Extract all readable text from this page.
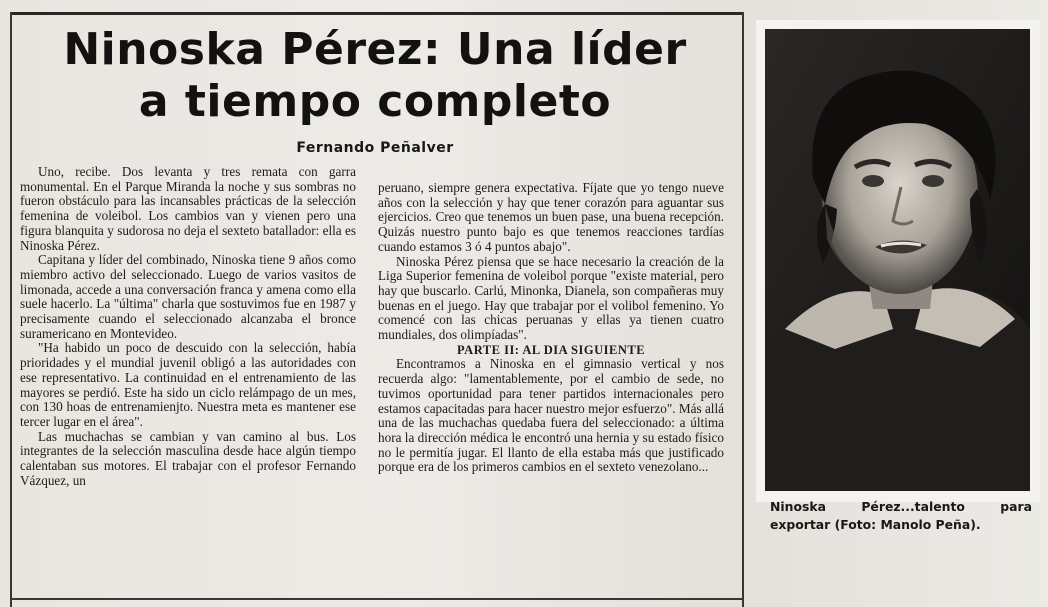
Ninoska Pérez: Una líder
a tiempo completo
Fernando Peñalver

Uno, recibe. Dos levanta y tres remata con garra monumental. En el Parque Miranda la noche y sus sombras no fueron obstáculo para las incansables prácticas de la selección femenina de voleibol. Los cambios van y vienen pero una figura blanquita y sudorosa no deja el sexteto batallador: ella es Ninoska Pérez.

Capitana y líder del combinado, Ninoska tiene 9 años como miembro activo del seleccionado. Luego de varios vasitos de limonada, accede a una conversación franca y amena como ella suele hacerlo. La "última" charla que sostuvimos fue en 1987 y precisamente cuando el seleccionado alcanzaba el bronce suramericano en Montevideo.

"Ha habido un poco de descuido con la selección, había prioridades y el mundial juvenil obligó a las autoridades con ese representativo. La continuidad en el entrenamiento de las mayores se perdió. Este ha sido un ciclo relámpago de un mes, con 130 hoas de entrenamienjto. Nuestra meta es mantener ese tercer lugar en el área".

Las muchachas se cambian y van camino al bus. Los integrantes de la selección masculina desde hace algún tiempo calentaban sus motores. El trabajar con el profesor Fernando Vázquez, un

peruano, siempre genera expectativa. Fíjate que yo tengo nueve años con la selección y hay que tener corazón para aguantar sus ejercicios. Creo que tenemos un buen pase, una buena recepción. Quizás nuestro punto bajo es que tenemos reacciones tardías cuando estamos 3 ó 4 puntos abajo".

Ninoska Pérez piensa que se hace necesario la creación de la Liga Superior femenina de voleibol porque "existe material, pero hay que buscarlo. Carlú, Minonka, Dianela, son compañeras muy buenas en el juego. Hay que trabajar por el volibol femenino. Yo comencé con las chicas peruanas y ellas ya tienen cuatro mundiales, dos olimpíadas".

PARTE II: AL DIA SIGUIENTE

Encontramos a Ninoska en el gimnasio vertical y nos recuerda algo: "lamentablemente, por el cambio de sede, no tuvimos oportunidad para tener partidos internacionales pero estamos capacitadas para hacer nuestro mejor esfuerzo". Más allá una de las muchachas quedaba fuera del seleccionado: a última hora la dirección médica le encontró una hernia y su estado físico no le permitía jugar. El llanto de ella estaba más que justificado porque era de los primeros cambios en el sexteto venezolano...

Ninoska Pérez...talento para exportar (Foto: Manolo Peña).
